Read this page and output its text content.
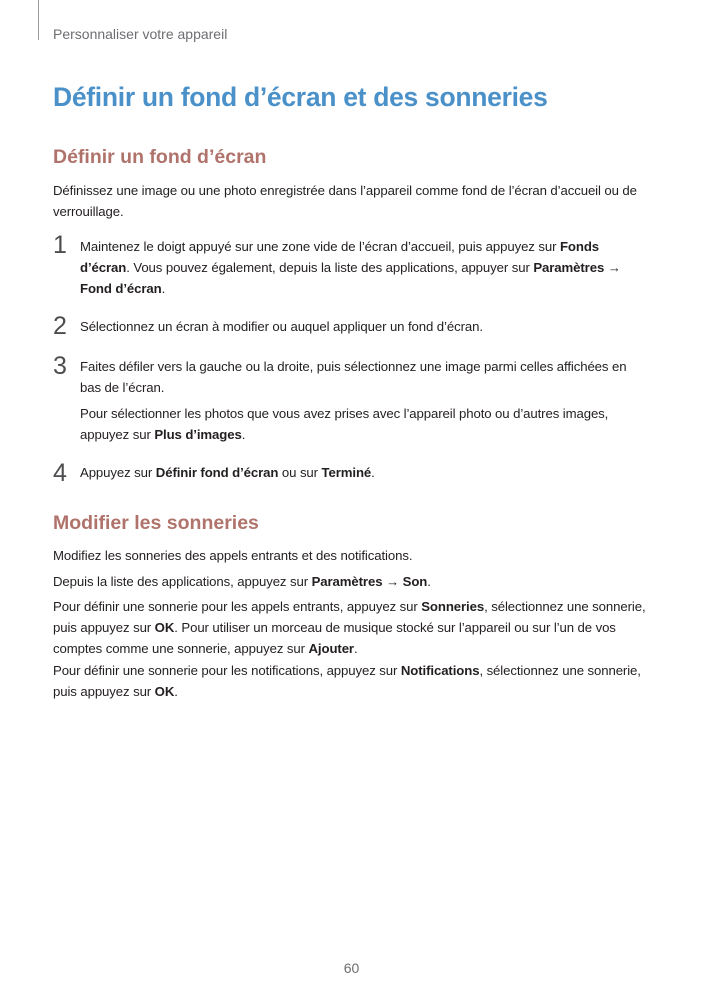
Personnaliser votre appareil
Définir un fond d’écran et des sonneries
Définir un fond d’écran

Définissez une image ou une photo enregistrée dans l’appareil comme fond de l’écran d’accueil ou de verrouillage.

1 Maintenez le doigt appuyé sur une zone vide de l’écran d’accueil, puis appuyez sur Fonds d’écran. Vous pouvez également, depuis la liste des applications, appuyer sur Paramètres → Fond d’écran.

2 Sélectionnez un écran à modifier ou auquel appliquer un fond d’écran.

3 Faites défiler vers la gauche ou la droite, puis sélectionnez une image parmi celles affichées en bas de l’écran.

Pour sélectionner les photos que vous avez prises avec l’appareil photo ou d’autres images, appuyez sur Plus d’images.

4 Appuyez sur Définir fond d’écran ou sur Terminé.

Modifier les sonneries

Modifiez les sonneries des appels entrants et des notifications.

Depuis la liste des applications, appuyez sur Paramètres → Son.

Pour définir une sonnerie pour les appels entrants, appuyez sur Sonneries, sélectionnez une sonnerie, puis appuyez sur OK. Pour utiliser un morceau de musique stocké sur l’appareil ou sur l’un de vos comptes comme une sonnerie, appuyez sur Ajouter.

Pour définir une sonnerie pour les notifications, appuyez sur Notifications, sélectionnez une sonnerie, puis appuyez sur OK.

60
